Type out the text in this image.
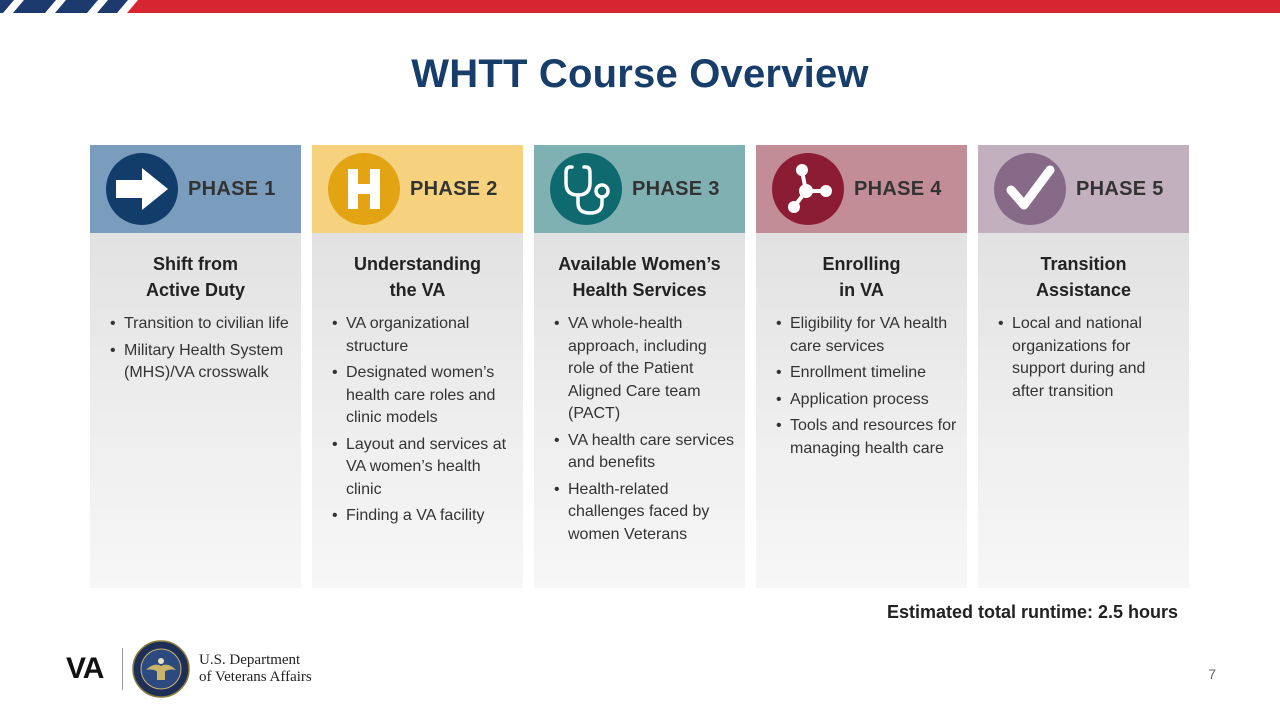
WHTT Course Overview
PHASE 1
Shift from
Active Duty
• Transition to civilian life
• Military Health System (MHS)/VA crosswalk
PHASE 2
Understanding
the VA
• VA organizational structure
• Designated women’s health care roles and clinic models
• Layout and services at VA women’s health clinic
• Finding a VA facility
PHASE 3
Available Women’s
Health Services
• VA whole-health approach, including role of the Patient Aligned Care team (PACT)
• VA health care services and benefits
• Health-related challenges faced by women Veterans
PHASE 4
Enrolling
in VA
• Eligibility for VA health care services
• Enrollment timeline
• Application process
• Tools and resources for managing health care
PHASE 5
Transition
Assistance
• Local and national organizations for support during and after transition
Estimated total runtime: 2.5 hours
VA	U.S. Department
of Veterans Affairs	7
